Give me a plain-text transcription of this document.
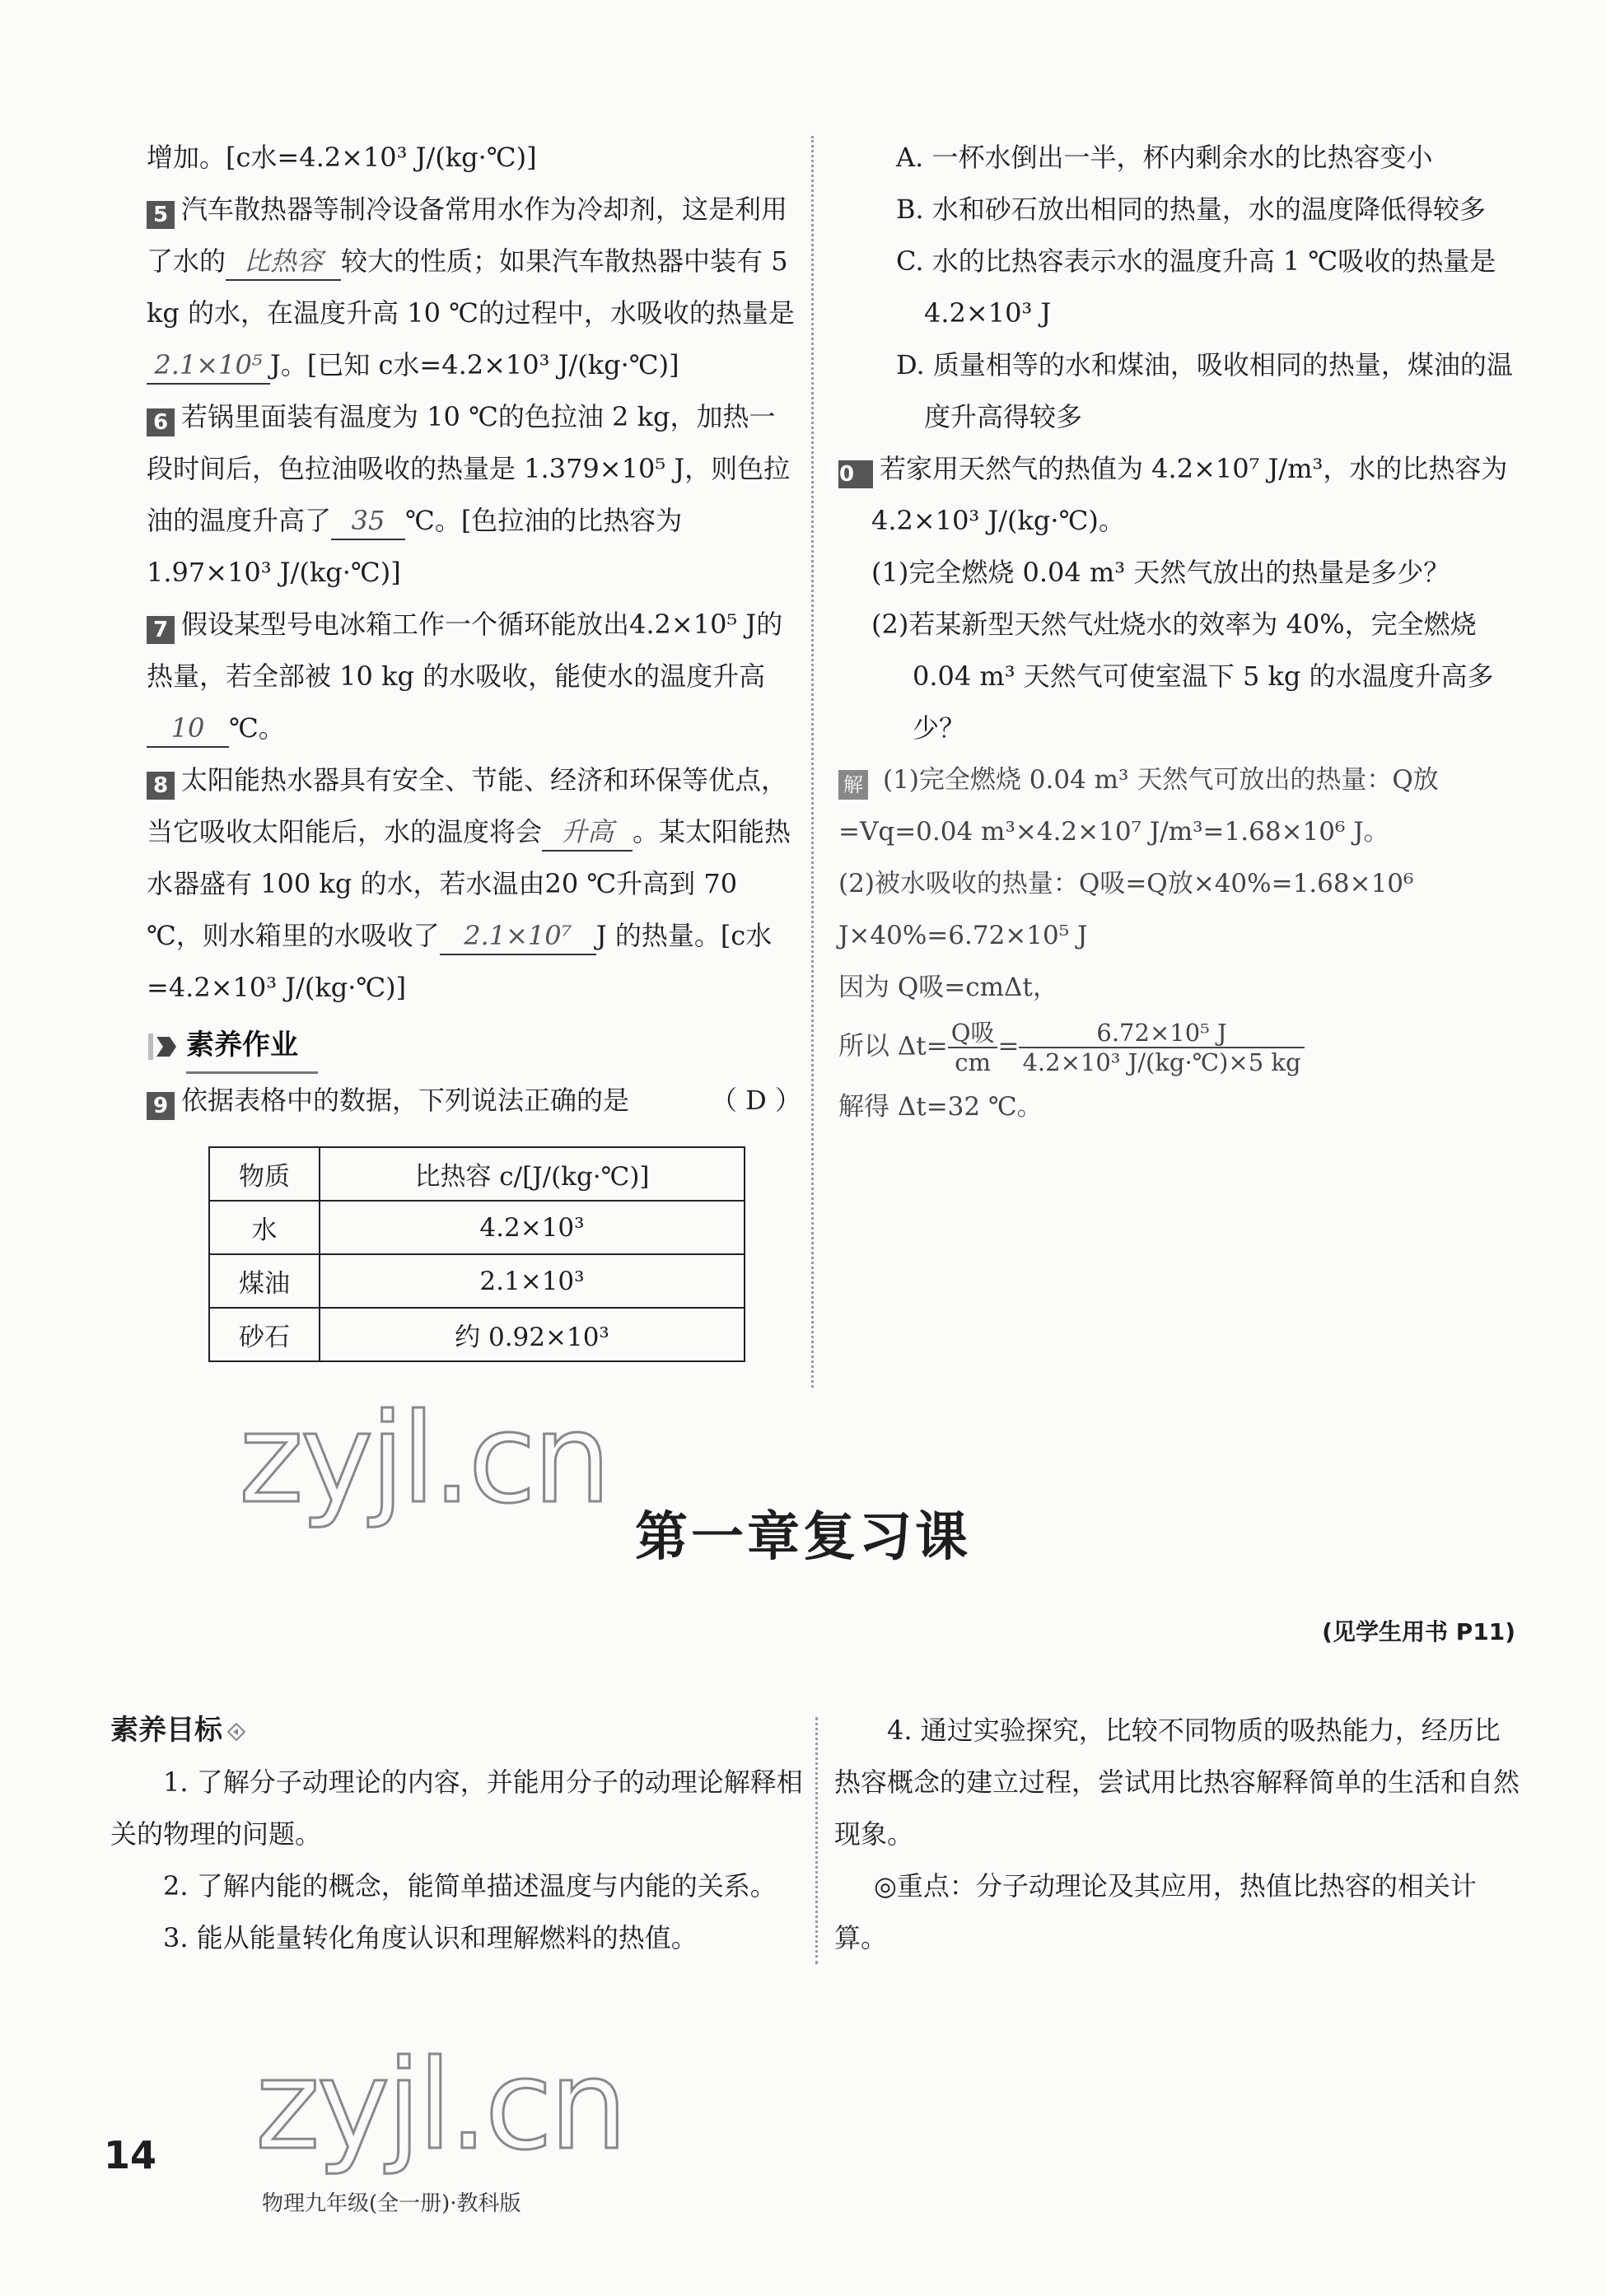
增加。[c水=4.2×10³ J/(kg·℃)]

5 汽车散热器等制冷设备常用水作为冷却剂，这是利用了水的 比热容 较大的性质；如果汽车散热器中装有 5 kg 的水，在温度升高 10 ℃的过程中，水吸收的热量是2.1×10⁵ J。[已知 c水=4.2×10³ J/(kg·℃)]

6 若锅里面装有温度为 10 ℃的色拉油 2 kg，加热一段时间后，色拉油吸收的热量是 1.379×10⁵ J，则色拉油的温度升高了 35 ℃。[色拉油的比热容为 1.97×10³ J/(kg·℃)]

7 假设某型号电冰箱工作一个循环能放出4.2×10⁵ J的热量，若全部被 10 kg 的水吸收，能使水的温度升高10 ℃。

8 太阳能热水器具有安全、节能、经济和环保等优点，当它吸收太阳能后，水的温度将会 升高 。某太阳能热水器盛有 100 kg 的水，若水温由20 ℃升高到 70 ℃，则水箱里的水吸收了 2.1×10⁷ J 的热量。[c水=4.2×10³ J/(kg·℃)]

素养作业

9 依据表格中的数据，下列说法正确的是	（ D ）

物质	比热容 c/[J/(kg·℃)]
水	4.2×10³
煤油	2.1×10³
砂石	约 0.92×10³

A. 一杯水倒出一半，杯内剩余水的比热容变小

B. 水和砂石放出相同的热量，水的温度降低得较多

C. 水的比热容表示水的温度升高 1 ℃吸收的热量是 4.2×10³ J

D. 质量相等的水和煤油，吸收相同的热量，煤油的温度升高得较多

10 若家用天然气的热值为 4.2×10⁷ J/m³，水的比热容为 4.2×10³ J/(kg·℃)。

(1)完全燃烧 0.04 m³ 天然气放出的热量是多少？

(2)若某新型天然气灶烧水的效率为 40%，完全燃烧 0.04 m³ 天然气可使室温下 5 kg 的水温度升高多少？

解 (1)完全燃烧 0.04 m³ 天然气可放出的热量：Q放=Vq=0.04 m³×4.2×10⁷ J/m³=1.68×10⁶ J。

(2)被水吸收的热量：Q吸=Q放×40%=1.68×10⁶ J×40%=6.72×10⁵ J

因为 Q吸=cmΔt，

所以 $\Delta t= \frac{\text{Q吸}}{cm} = \frac{\text{6.72×10⁵ J}}{\text{4.2×10³ J/(kg·℃)×5 kg}}$

解得 Δt=32 ℃。

zyjl.cn
zyjl.cn
第一章复习课
(见学生用书 P11)

素养目标

1. 了解分子动理论的内容，并能用分子的动理论解释相关的物理的问题。

2. 了解内能的概念，能简单描述温度与内能的关系。

3. 能从能量转化角度认识和理解燃料的热值。

4. 通过实验探究，比较不同物质的吸热能力，经历比热容概念的建立过程，尝试用比热容解释简单的生活和自然现象。

◎重点：分子动理论及其应用，热值比热容的相关计算。

14
物理九年级(全一册)·教科版
